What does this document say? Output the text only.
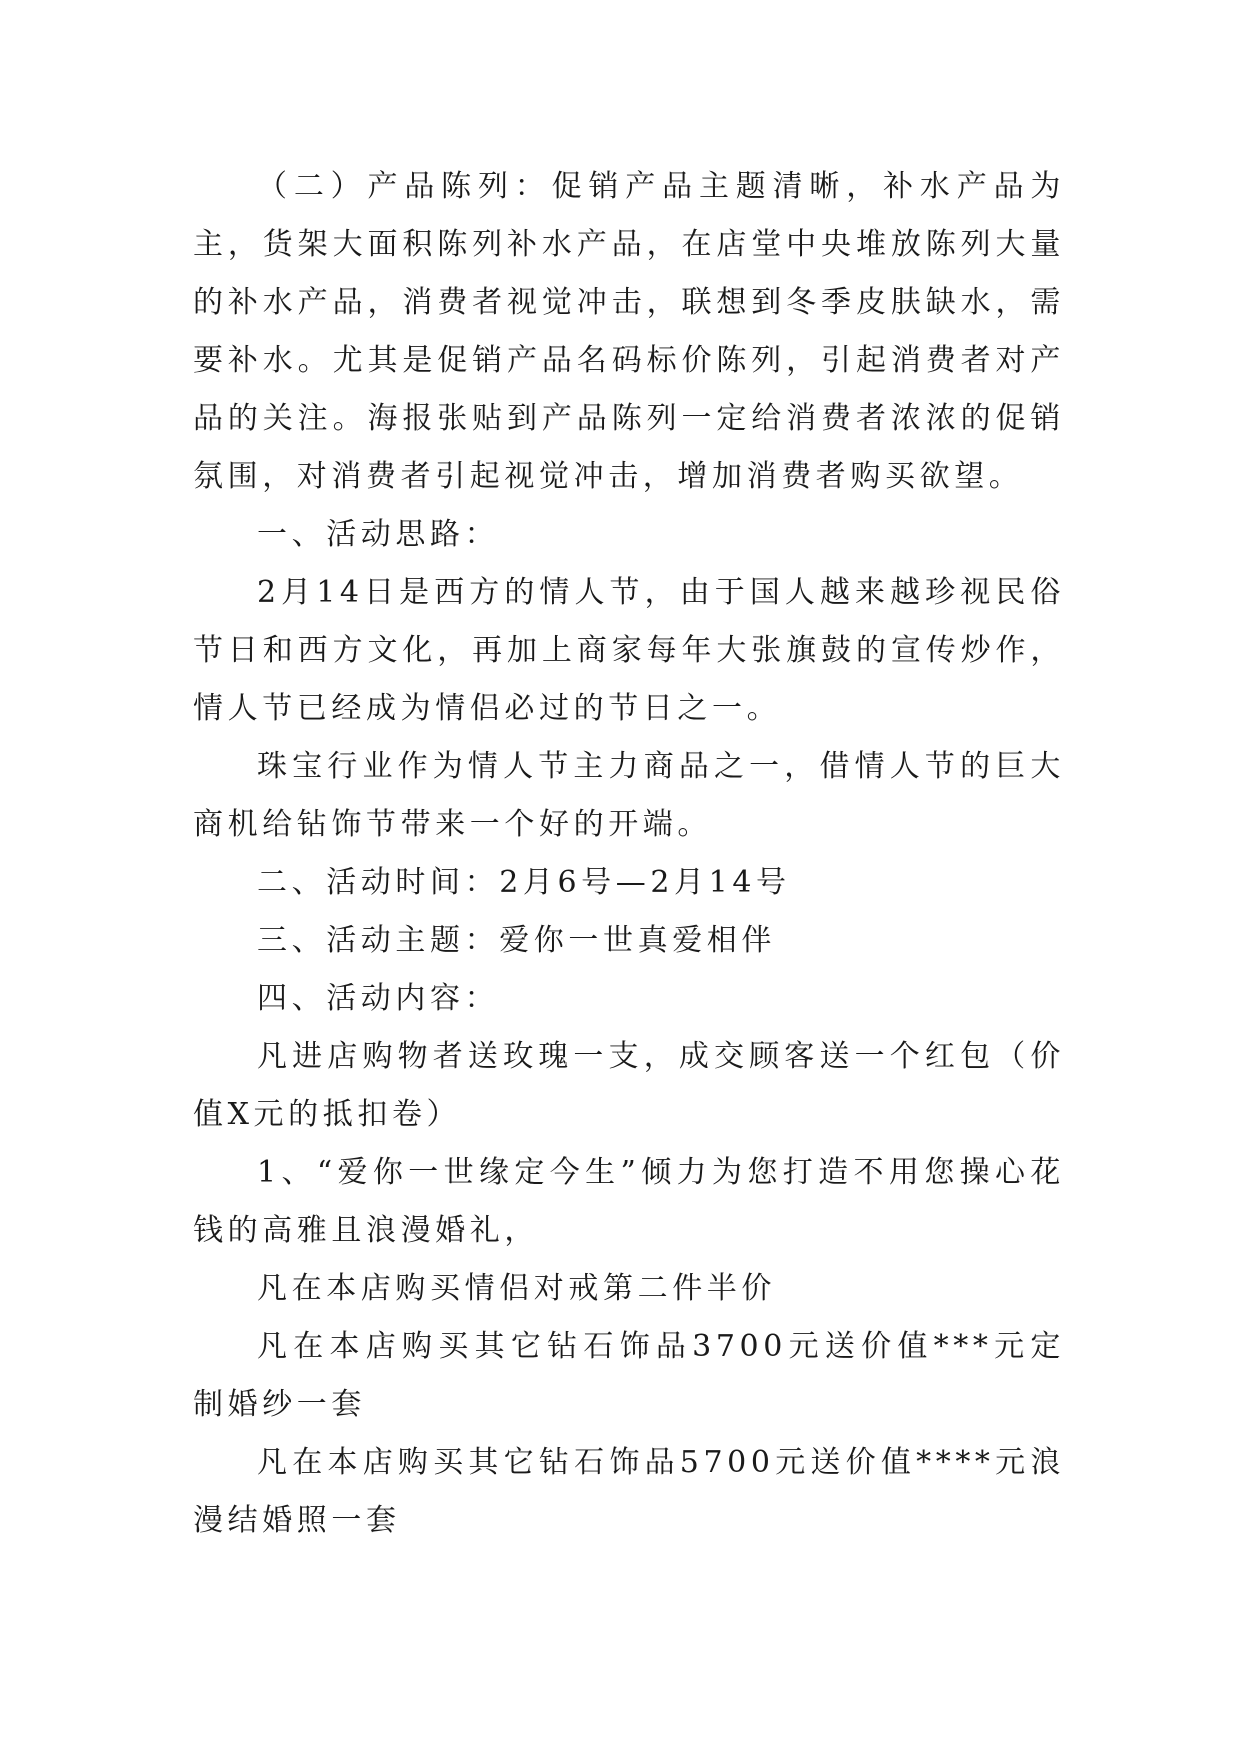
（二）产品陈列：促销产品主题清晰，补水产品为主，货架大面积陈列补水产品，在店堂中央堆放陈列大量的补水产品，消费者视觉冲击，联想到冬季皮肤缺水，需要补水。尤其是促销产品名码标价陈列，引起消费者对产品的关注。海报张贴到产品陈列一定给消费者浓浓的促销氛围，对消费者引起视觉冲击，增加消费者购买欲望。

一、活动思路：

2月14日是西方的情人节，由于国人越来越珍视民俗节日和西方文化，再加上商家每年大张旗鼓的宣传炒作，情人节已经成为情侣必过的节日之一。

珠宝行业作为情人节主力商品之一，借情人节的巨大商机给钻饰节带来一个好的开端。

二、活动时间：2月6号—2月14号

三、活动主题：爱你一世真爱相伴

四、活动内容：

凡进店购物者送玫瑰一支，成交顾客送一个红包（价值X元的抵扣卷）

1、“爱你一世缘定今生”倾力为您打造不用您操心花钱的高雅且浪漫婚礼，

凡在本店购买情侣对戒第二件半价

凡在本店购买其它钻石饰品3700元送价值***元定制婚纱一套

凡在本店购买其它钻石饰品5700元送价值****元浪漫结婚照一套
